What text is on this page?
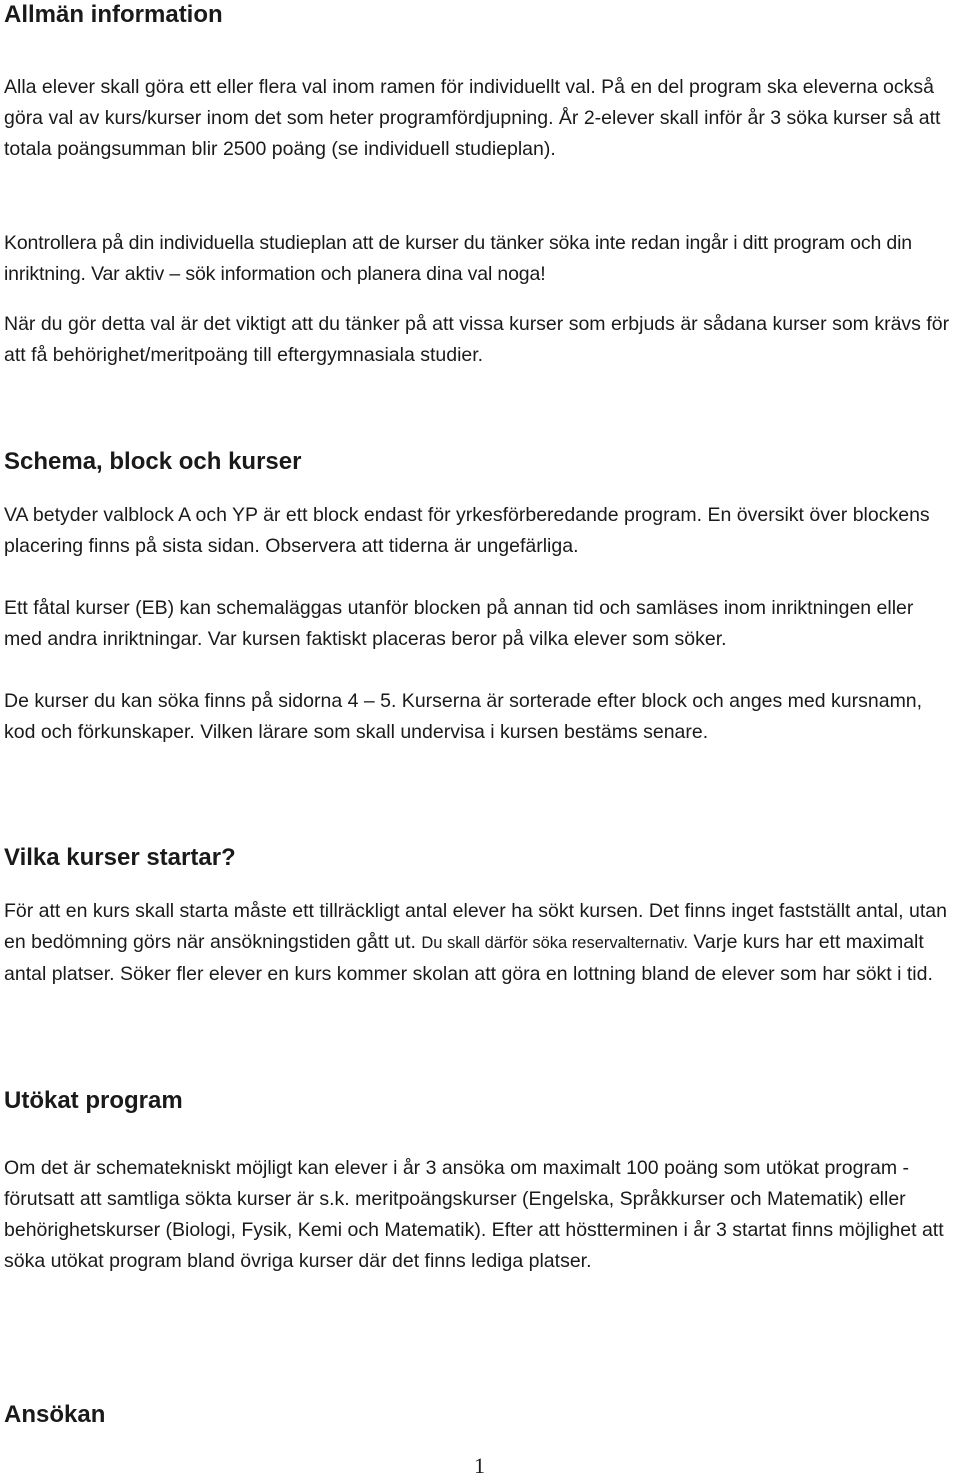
Allmän information

Alla elever skall göra ett eller flera val inom ramen för individuellt val. På en del program ska eleverna också göra val av kurs/kurser inom det som heter programfördjupning. År 2-elever skall inför år 3 söka kurser så att totala poängsumman blir 2500 poäng (se individuell studieplan).

Kontrollera på din individuella studieplan att de kurser du tänker söka inte redan ingår i ditt program och din inriktning. Var aktiv – sök information och planera dina val noga!

När du gör detta val är det viktigt att du tänker på att vissa kurser som erbjuds är sådana kurser som krävs för att få behörighet/meritpoäng till eftergymnasiala studier.

Schema, block och kurser

VA betyder valblock A och YP är ett block endast för yrkesförberedande program. En översikt över blockens placering finns på sista sidan. Observera att tiderna är ungefärliga.

Ett fåtal kurser (EB) kan schemaläggas utanför blocken på annan tid och samläses inom inriktningen eller med andra inriktningar. Var kursen faktiskt placeras beror på vilka elever som söker.

De kurser du kan söka finns på sidorna 4 – 5. Kurserna är sorterade efter block och anges med kursnamn, kod och förkunskaper. Vilken lärare som skall undervisa i kursen bestäms senare.

Vilka kurser startar?

För att en kurs skall starta måste ett tillräckligt antal elever ha sökt kursen. Det finns inget fastställt antal, utan en bedömning görs när ansökningstiden gått ut. Du skall därför söka reservalternativ. Varje kurs har ett maximalt antal platser. Söker fler elever en kurs kommer skolan att göra en lottning bland de elever som har sökt i tid.

Utökat program

Om det är schematekniskt möjligt kan elever i år 3 ansöka om maximalt 100 poäng som utökat program - förutsatt att samtliga sökta kurser är s.k. meritpoängskurser (Engelska, Språkkurser och Matematik) eller behörighetskurser (Biologi, Fysik, Kemi och Matematik). Efter att höstterminen i år 3 startat finns möjlighet att söka utökat program bland övriga kurser där det finns lediga platser.

Ansökan
1
